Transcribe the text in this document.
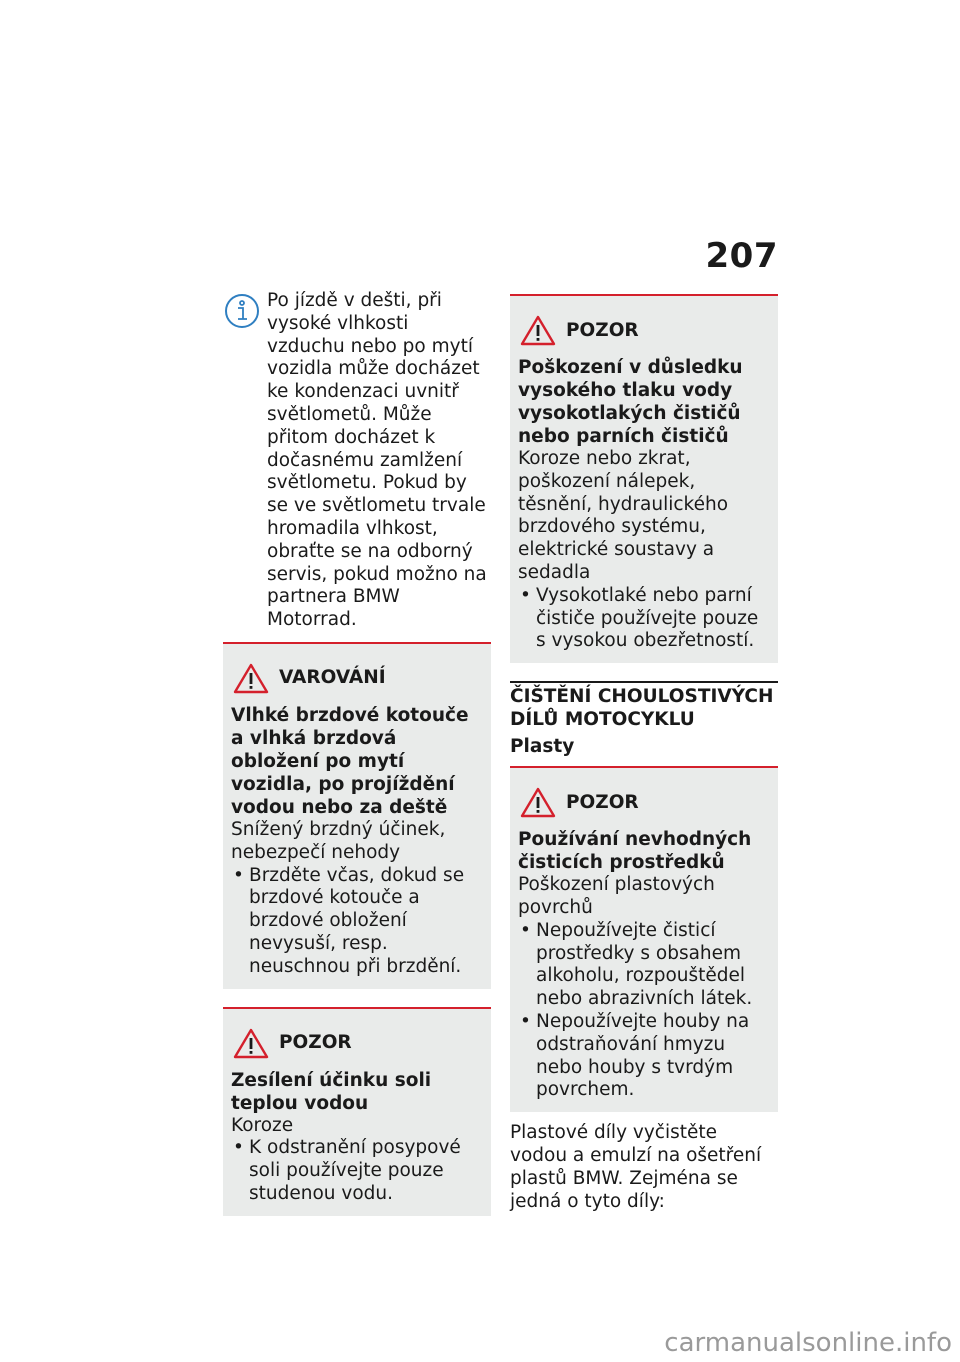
207

Po jízdě v dešti, při vysoké vlhkosti vzduchu nebo po mytí vozidla může docházet ke kondenzaci uvnitř světlometů. Může přitom docházet k dočasnému zamlžení světlometu. Pokud by se ve světlometu trvale hromadila vlhkost, obraťte se na odborný servis, pokud možno na partnera BMW Motorrad.

VAROVÁNÍ

Vlhké brzdové kotouče a vlhká brzdová obložení po mytí vozidla, po projíždění vodou nebo za deště

Snížený brzdný účinek, nebezpečí nehody

• Brzděte včas, dokud se brzdové kotouče a brzdové obložení nevysuší, resp. neuschnou při brzdění.
POZOR

Zesílení účinku soli teplou vodou

Koroze

• K odstranění posypové soli používejte pouze studenou vodu.
POZOR

Poškození v důsledku vysokého tlaku vody vysokotlakých čističů nebo parních čističů

Koroze nebo zkrat, poškození nálepek, těsnění, hydraulického brzdového systému, elektrické soustavy a sedadla

• Vysokotlaké nebo parní čističe používejte pouze s vysokou obezřetností.
ČIŠTĚNÍ CHOULOSTIVÝCH DÍLŮ MOTOCYKLU
Plasty
POZOR

Používání nevhodných čisticích prostředků

Poškození plastových povrchů

• Nepoužívejte čisticí prostředky s obsahem alkoholu, rozpouštědel nebo abrazivních látek.
• Nepoužívejte houby na odstraňování hmyzu nebo houby s tvrdým povrchem.

Plastové díly vyčistěte vodou a emulzí na ošetření plastů BMW. Zejména se jedná o tyto díly:

carmanualsonline.info
